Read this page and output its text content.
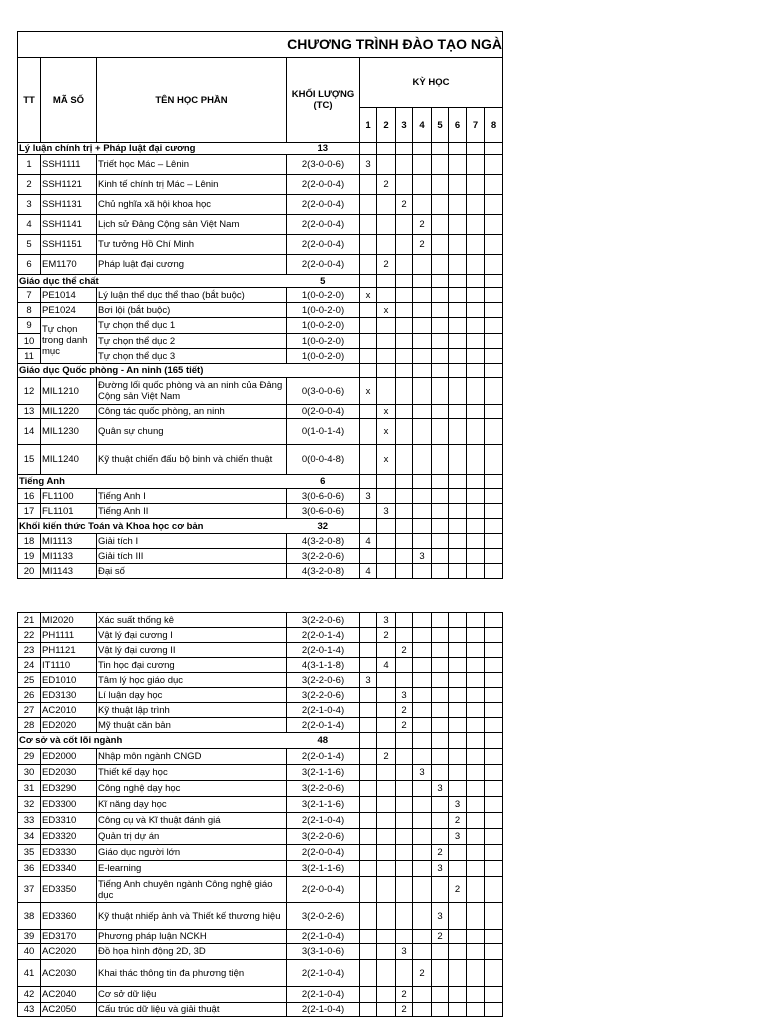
CHƯƠNG TRÌNH ĐÀO TẠO NGÀ											
TT	MÃ SỐ	TÊN HỌC PHẦN	KHỐI LƯỢNG (TC)	KỲ HỌC							
				1	2	3	4	5	6	7	8
Lý luận chính trị + Pháp luật đại cương			13								
1	SSH1111	Triết học Mác – Lênin	2(3-0-0-6)	3							
2	SSH1121	Kinh tế chính trị Mác – Lênin	2(2-0-0-4)		2						
3	SSH1131	Chủ nghĩa xã hội khoa học	2(2-0-0-4)			2					
4	SSH1141	Lịch sử Đảng Cộng sản Việt Nam	2(2-0-0-4)				2				
5	SSH1151	Tư tưởng Hồ Chí Minh	2(2-0-0-4)				2				
6	EM1170	Pháp luật đại cương	2(2-0-0-4)		2						
Giáo dục thể chất			5								
7	PE1014	Lý luận thể dục thể thao (bắt buộc)	1(0-0-2-0)	x							
8	PE1024	Bơi lội (bắt buộc)	1(0-0-2-0)		x						
9	Tự chọn trong danh mục	Tự chọn thể dục 1	1(0-0-2-0)								
10		Tự chọn thể dục 2	1(0-0-2-0)								
11		Tự chọn thể dục 3	1(0-0-2-0)								
Giáo dục Quốc phòng - An ninh (165 tiết)											
12	MIL1210	Đường lối quốc phòng và an ninh của Đảng Cộng sản Việt Nam	0(3-0-0-6)	x							
13	MIL1220	Công tác quốc phòng, an ninh	0(2-0-0-4)		x						
14	MIL1230	Quân sự chung	0(1-0-1-4)		x						
15	MIL1240	Kỹ thuật chiến đấu bộ binh và chiến thuật	0(0-0-4-8)		x						
Tiếng Anh			6								
16	FL1100	Tiếng Anh I	3(0-6-0-6)	3							
17	FL1101	Tiếng Anh II	3(0-6-0-6)		3						
Khối kiến thức Toán và Khoa học cơ bản			32								
18	MI1113	Giải tích I	4(3-2-0-8)	4							
19	MI1133	Giải tích III	3(2-2-0-6)				3				
20	MI1143	Đại số	4(3-2-0-8)	4							
21	MI2020	Xác suất thống kê	3(2-2-0-6)		3						
22	PH1111	Vật lý đại cương I	2(2-0-1-4)		2						
23	PH1121	Vật lý đại cương II	2(2-0-1-4)			2					
24	IT1110	Tin học đại cương	4(3-1-1-8)		4						
25	ED1010	Tâm lý học giáo dục	3(2-2-0-6)	3							
26	ED3130	Lí luận dạy học	3(2-2-0-6)			3					
27	AC2010	Kỹ thuật lập trình	2(2-1-0-4)			2					
28	ED2020	Mỹ thuật căn bản	2(2-0-1-4)			2					
Cơ sở và cốt lõi ngành			48								
29	ED2000	Nhập môn ngành CNGD	2(2-0-1-4)		2						
30	ED2030	Thiết kế dạy học	3(2-1-1-6)				3				
31	ED3290	Công nghệ dạy học	3(2-2-0-6)					3			
32	ED3300	Kĩ năng dạy học	3(2-1-1-6)						3		
33	ED3310	Công cụ và Kĩ thuật đánh giá	2(2-1-0-4)						2		
34	ED3320	Quản trị dự án	3(2-2-0-6)						3		
35	ED3330	Giáo dục người lớn	2(2-0-0-4)					2			
36	ED3340	E-learning	3(2-1-1-6)					3			
37	ED3350	Tiếng Anh chuyên ngành Công nghệ giáo dục	2(2-0-0-4)						2		
38	ED3360	Kỹ thuật nhiếp ảnh và Thiết kế thương hiệu	3(2-0-2-6)					3			
39	ED3170	Phương pháp luận NCKH	2(2-1-0-4)					2			
40	AC2020	Đồ họa hình động 2D, 3D	3(3-1-0-6)			3					
41	AC2030	Khai thác thông tin đa phương tiện	2(2-1-0-4)				2				
42	AC2040	Cơ sở dữ liệu	2(2-1-0-4)			2					
43	AC2050	Cấu trúc dữ liệu và giải thuật	2(2-1-0-4)			2					
